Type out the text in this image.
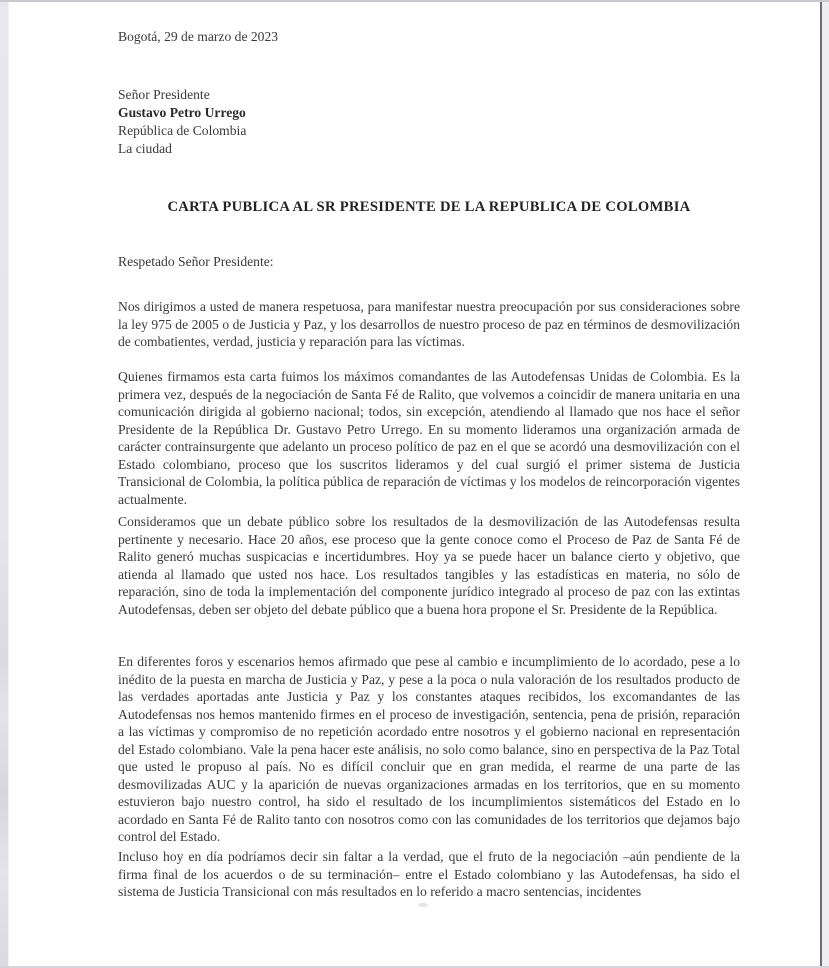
Bogotá, 29 de marzo de 2023

Señor Presidente

Gustavo Petro Urrego

República de Colombia

La ciudad

CARTA PUBLICA AL SR PRESIDENTE DE LA REPUBLICA DE COLOMBIA

Respetado Señor Presidente:

Nos dirigimos a usted de manera respetuosa, para manifestar nuestra preocupación por sus consideraciones sobre la ley 975 de 2005 o de Justicia y Paz, y los desarrollos de nuestro proceso de paz en términos de desmovilización de combatientes, verdad, justicia y reparación para las víctimas.

Quienes firmamos esta carta fuimos los máximos comandantes de las Autodefensas Unidas de Colombia. Es la primera vez, después de la negociación de Santa Fé de Ralito, que volvemos a coincidir de manera unitaria en una comunicación dirigida al gobierno nacional; todos, sin excepción, atendiendo al llamado que nos hace el señor Presidente de la República Dr. Gustavo Petro Urrego. En su momento lideramos una organización armada de carácter contrainsurgente que adelanto un proceso político de paz en el que se acordó una desmovilización con el Estado colombiano, proceso que los suscritos lideramos y del cual surgió el primer sistema de Justicia Transicional de Colombia, la política pública de reparación de víctimas y los modelos de reincorporación vigentes actualmente.

Consideramos que un debate público sobre los resultados de la desmovilización de las Autodefensas resulta pertinente y necesario. Hace 20 años, ese proceso que la gente conoce como el Proceso de Paz de Santa Fé de Ralito generó muchas suspicacias e incertidumbres. Hoy ya se puede hacer un balance cierto y objetivo, que atienda al llamado que usted nos hace. Los resultados tangibles y las estadísticas en materia, no sólo de reparación, sino de toda la implementación del componente jurídico integrado al proceso de paz con las extintas Autodefensas, deben ser objeto del debate público que a buena hora propone el Sr. Presidente de la República.

En diferentes foros y escenarios hemos afirmado que pese al cambio e incumplimiento de lo acordado, pese a lo inédito de la puesta en marcha de Justicia y Paz, y pese a la poca o nula valoración de los resultados producto de las verdades aportadas ante Justicia y Paz y los constantes ataques recibidos, los excomandantes de las Autodefensas nos hemos mantenido firmes en el proceso de investigación, sentencia, pena de prisión, reparación a las víctimas y compromiso de no repetición acordado entre nosotros y el gobierno nacional en representación del Estado colombiano. Vale la pena hacer este análisis, no solo como balance, sino en perspectiva de la Paz Total que usted le propuso al país. No es difícil concluir que en gran medida, el rearme de una parte de las desmovilizadas AUC y la aparición de nuevas organizaciones armadas en los territorios, que en su momento estuvieron bajo nuestro control, ha sido el resultado de los incumplimientos sistemáticos del Estado en lo acordado en Santa Fé de Ralito tanto con nosotros como con las comunidades de los territorios que dejamos bajo control del Estado.

Incluso hoy en día podríamos decir sin faltar a la verdad, que el fruto de la negociación –aún pendiente de la firma final de los acuerdos o de su terminación– entre el Estado colombiano y las Autodefensas, ha sido el sistema de Justicia Transicional con más resultados en lo referido a macro sentencias, incidentes
